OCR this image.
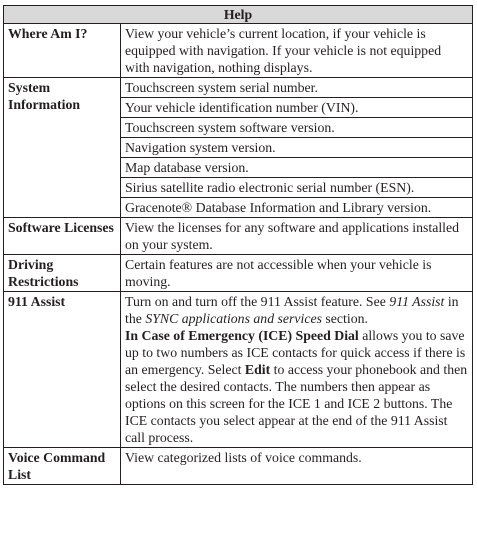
Help	
Where Am I?	View your vehicle’s current location, if your vehicle is equipped with navigation. If your vehicle is not equipped with navigation, nothing displays.
System Information	Touchscreen system serial number.
	Your vehicle identification number (VIN).
	Touchscreen system software version.
	Navigation system version.
	Map database version.
	Sirius satellite radio electronic serial number (ESN).
	Gracenote® Database Information and Library version.
Software Licenses	View the licenses for any software and applications installed on your system.
Driving Restrictions	Certain features are not accessible when your vehicle is moving.
911 Assist	Turn on and turn off the 911 Assist feature. See 911 Assist in the SYNC applications and services section.
In Case of Emergency (ICE) Speed Dial allows you to save up to two numbers as ICE contacts for quick access if there is an emergency. Select Edit to access your phonebook and then select the desired contacts. The numbers then appear as options on this screen for the ICE 1 and ICE 2 buttons. The ICE contacts you select appear at the end of the 911 Assist call process.
Voice Command List	View categorized lists of voice commands.
